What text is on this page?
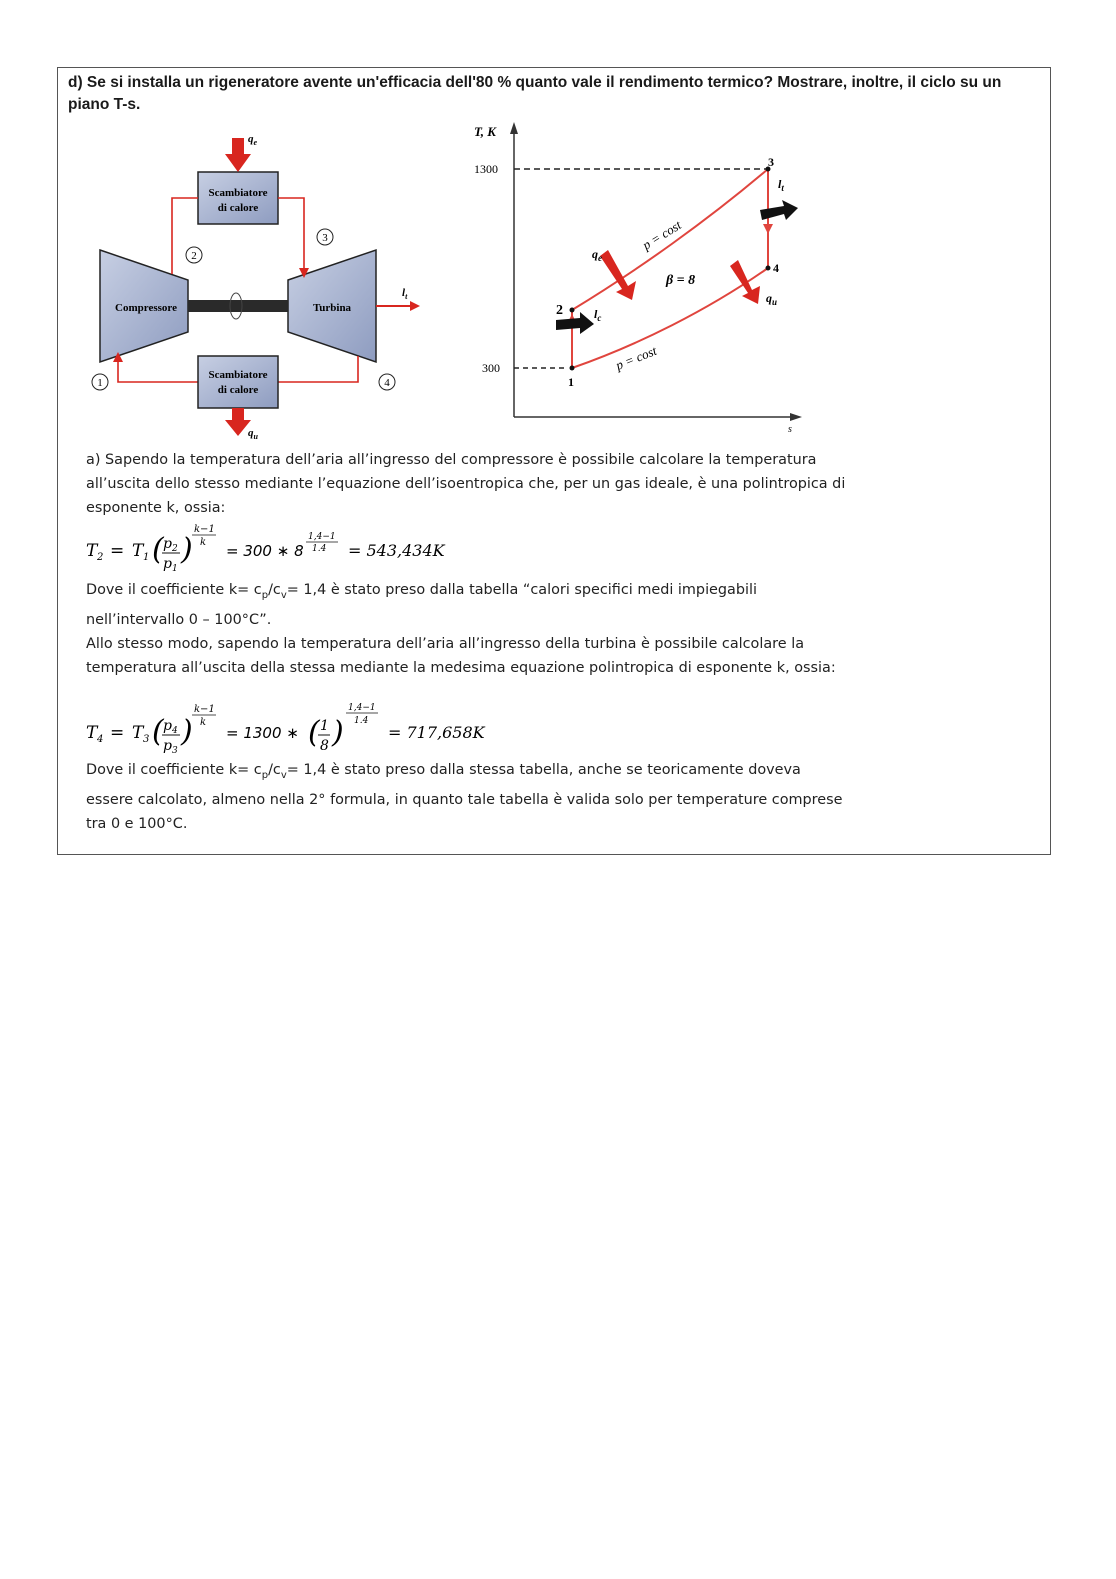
d) Se si installa un rigeneratore avente un'efficacia dell'80 % quanto vale il rendimento termico? Mostrare, inoltre, il ciclo su un piano T-s.
Scambiatore
di calore
$q_e$
Compressore	Turbina
$l_t$
Scambiatore
di calore
$q_u$
2
3
1	4
T, K
s
1300
300
1
2
3
4
p = cost
p = cost
β = 8
$q_e$
$q_u$
$l_c$
$l_t$
a) Sapendo la temperatura dell’aria all’ingresso del compressore è possibile calcolare la temperatura all’uscita dello stesso mediante l’equazione dell’isoentropica che, per un gas ideale, è una polintropica di esponente k, ossia:
T 2 = T 1 ( p 2
p 1
)
k−1
k = 300 ∗ 8
1,4−1
1.4 = 543,434K
Dove il coefficiente $k= c_p/c_v= 1,4$ è stato preso dalla tabella “calori specifici medi impiegabili nell’intervallo 0 – 100°C”.
Allo stesso modo, sapendo la temperatura dell’aria all’ingresso della turbina è possibile calcolare la temperatura all’uscita della stessa mediante la medesima equazione polintropica di esponente k, ossia:
T 4 = T 3 ( p 4
p 3
)
k−1
k
= 1300 ∗ ( 1
8 )
1,4−1
1.4
= 717,658K
Dove il coefficiente $k= c_p/c_v= 1,4$ è stato preso dalla stessa tabella, anche se teoricamente doveva essere calcolato, almeno nella 2° formula, in quanto tale tabella è valida solo per temperature comprese tra 0 e 100°C.
